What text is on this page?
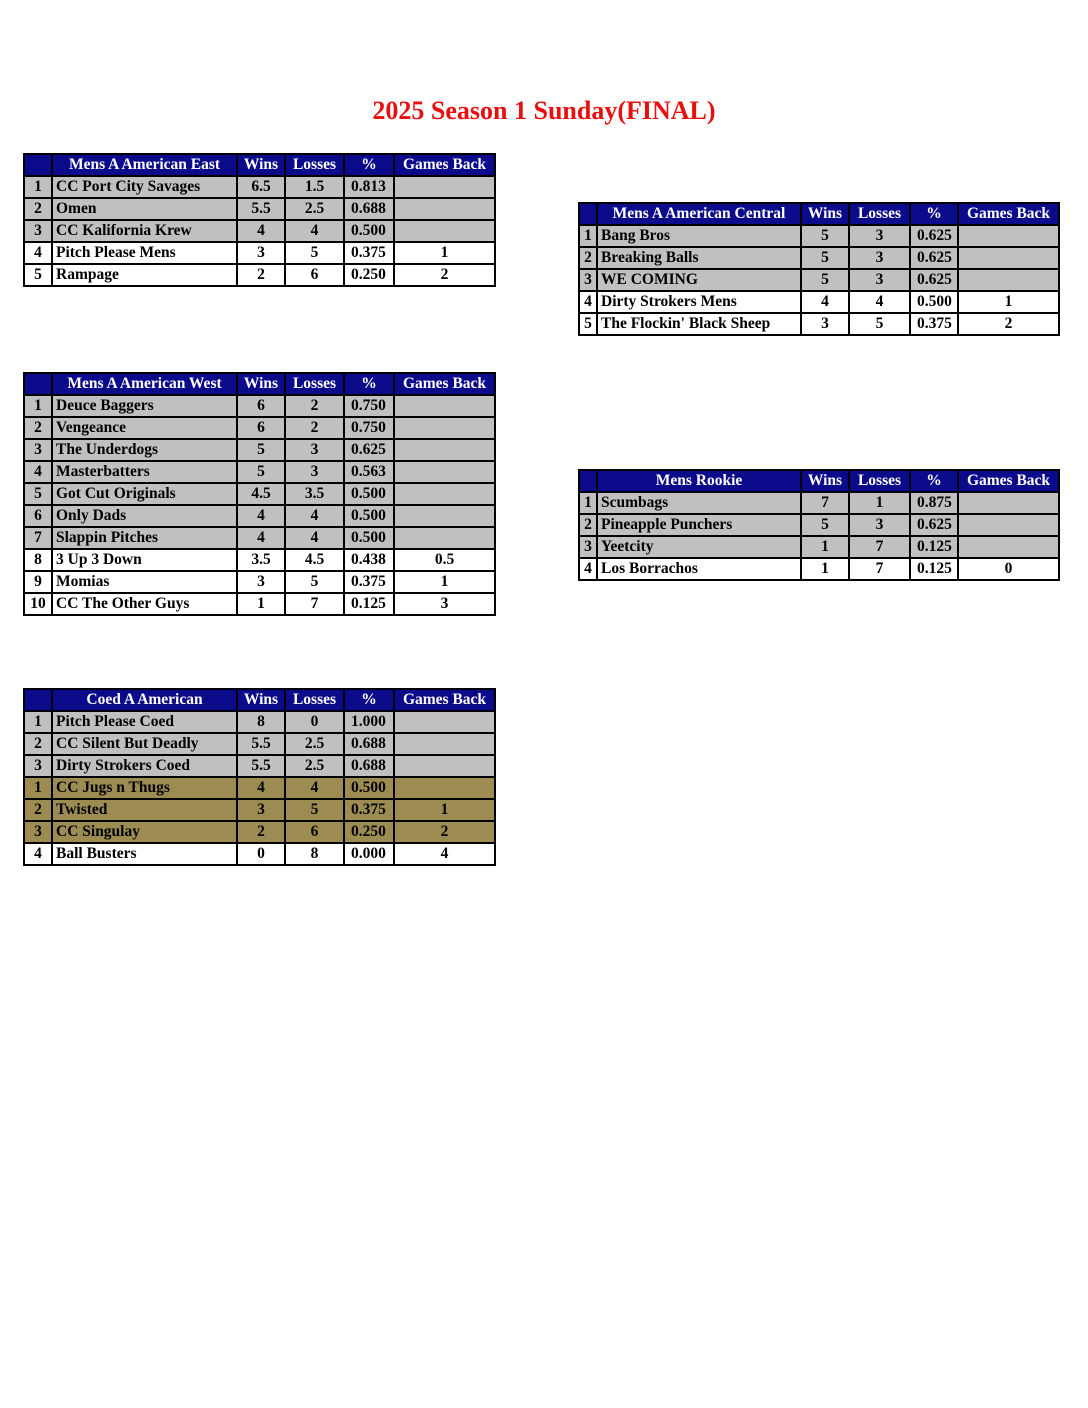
2025 Season 1 Sunday(FINAL)
	Mens A American East	Wins	Losses	%	Games Back
1	CC Port City Savages	6.5	1.5	0.813	
2	Omen	5.5	2.5	0.688	
3	CC Kalifornia Krew	4	4	0.500	
4	Pitch Please Mens	3	5	0.375	1
5	Rampage	2	6	0.250	2
	Mens A American Central	Wins	Losses	%	Games Back
1	Bang Bros	5	3	0.625	
2	Breaking Balls	5	3	0.625	
3	WE COMING	5	3	0.625	
4	Dirty Strokers Mens	4	4	0.500	1
5	The Flockin' Black Sheep	3	5	0.375	2
	Mens A American West	Wins	Losses	%	Games Back
1	Deuce Baggers	6	2	0.750	
2	Vengeance	6	2	0.750	
3	The Underdogs	5	3	0.625	
4	Masterbatters	5	3	0.563	
5	Got Cut Originals	4.5	3.5	0.500	
6	Only Dads	4	4	0.500	
7	Slappin Pitches	4	4	0.500	
8	3 Up 3 Down	3.5	4.5	0.438	0.5
9	Momias	3	5	0.375	1
10	CC The Other Guys	1	7	0.125	3
	Mens Rookie	Wins	Losses	%	Games Back
1	Scumbags	7	1	0.875	
2	Pineapple Punchers	5	3	0.625	
3	Yeetcity	1	7	0.125	
4	Los Borrachos	1	7	0.125	0
	Coed A American	Wins	Losses	%	Games Back
1	Pitch Please Coed	8	0	1.000	
2	CC Silent But Deadly	5.5	2.5	0.688	
3	Dirty Strokers Coed	5.5	2.5	0.688	
1	CC Jugs n Thugs	4	4	0.500	
2	Twisted	3	5	0.375	1
3	CC Singulay	2	6	0.250	2
4	Ball Busters	0	8	0.000	4
